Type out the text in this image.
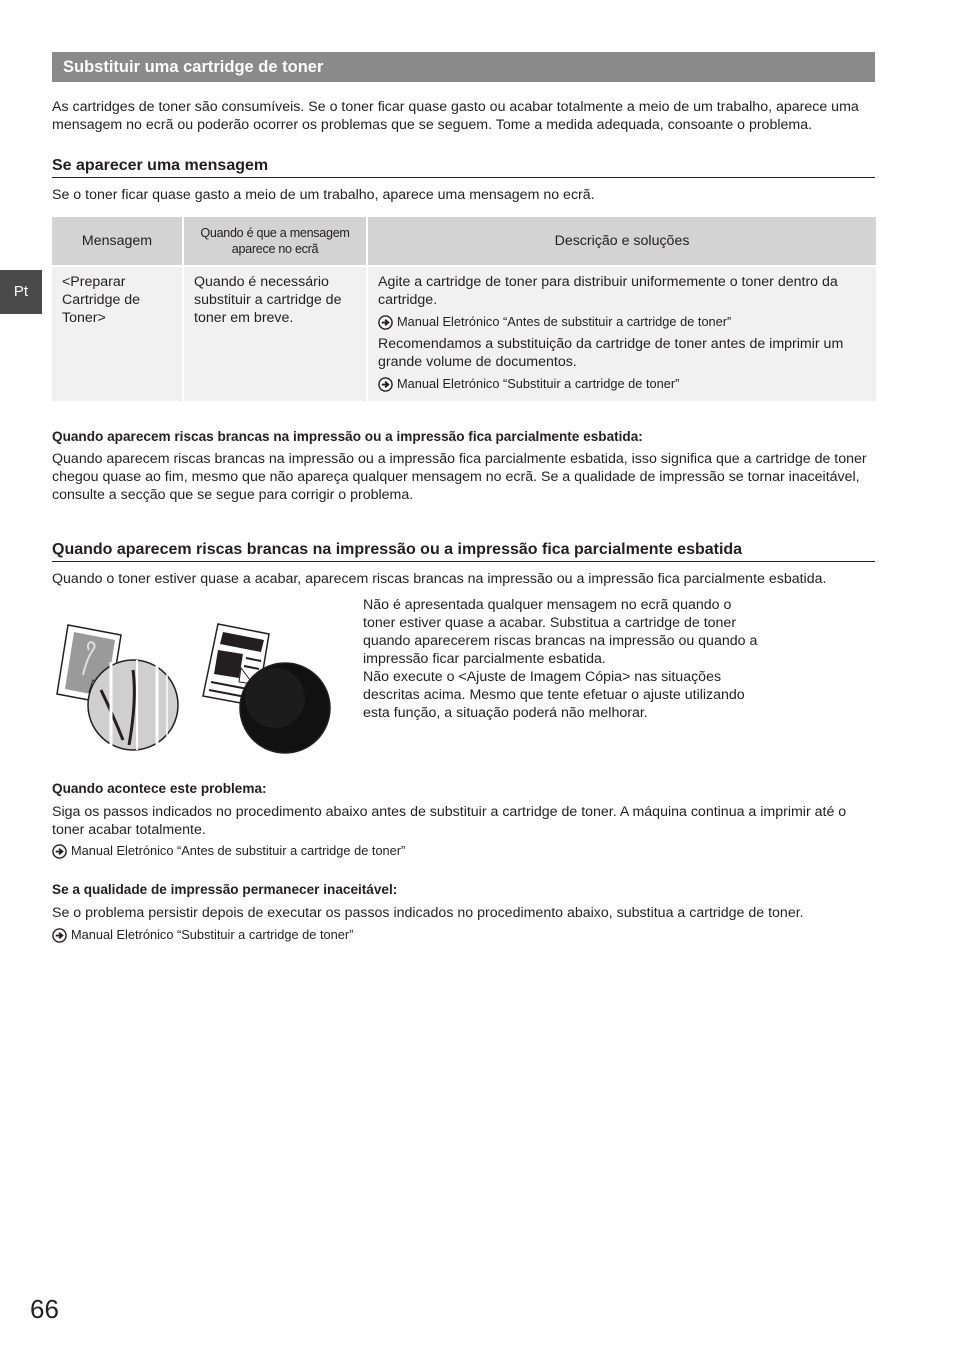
Pt
Substituir uma cartridge de toner

As cartridges de toner são consumíveis. Se o toner ficar quase gasto ou acabar totalmente a meio de um trabalho, aparece uma mensagem no ecrã ou poderão ocorrer os problemas que se seguem. Tome a medida adequada, consoante o problema.

Se aparecer uma mensagem

Se o toner ficar quase gasto a meio de um trabalho, aparece uma mensagem no ecrã.

Mensagem	Quando é que a mensagem aparece no ecrã	Descrição e soluções
<Preparar Cartridge de Toner>	Quando é necessário substituir a cartridge de toner em breve.	Agite a cartridge de toner para distribuir uniformemente o toner dentro da cartridge.

Manual Eletrónico “Antes de substituir a cartridge de toner”

Recomendamos a substituição da cartridge de toner antes de imprimir um grande volume de documentos.

Manual Eletrónico “Substituir a cartridge de toner”
Quando aparecem riscas brancas na impressão ou a impressão fica parcialmente esbatida:

Quando aparecem riscas brancas na impressão ou a impressão fica parcialmente esbatida, isso significa que a cartridge de toner chegou quase ao fim, mesmo que não apareça qualquer mensagem no ecrã. Se a qualidade de impressão se tornar inaceitável, consulte a secção que se segue para corrigir o problema.

Quando aparecem riscas brancas na impressão ou a impressão fica parcialmente esbatida

Quando o toner estiver quase a acabar, aparecem riscas brancas na impressão ou a impressão fica parcialmente esbatida.

Não é apresentada qualquer mensagem no ecrã quando o

toner estiver quase a acabar. Substitua a cartridge de toner

quando aparecerem riscas brancas na impressão ou quando a

impressão ficar parcialmente esbatida.

Não execute o <Ajuste de Imagem Cópia> nas situações

descritas acima. Mesmo que tente efetuar o ajuste utilizando

esta função, a situação poderá não melhorar.

Quando acontece este problema:

Siga os passos indicados no procedimento abaixo antes de substituir a cartridge de toner. A máquina continua a imprimir até o toner acabar totalmente.

Manual Eletrónico “Antes de substituir a cartridge de toner”
Se a qualidade de impressão permanecer inaceitável:

Se o problema persistir depois de executar os passos indicados no procedimento abaixo, substitua a cartridge de toner.

Manual Eletrónico “Substituir a cartridge de toner”
66
